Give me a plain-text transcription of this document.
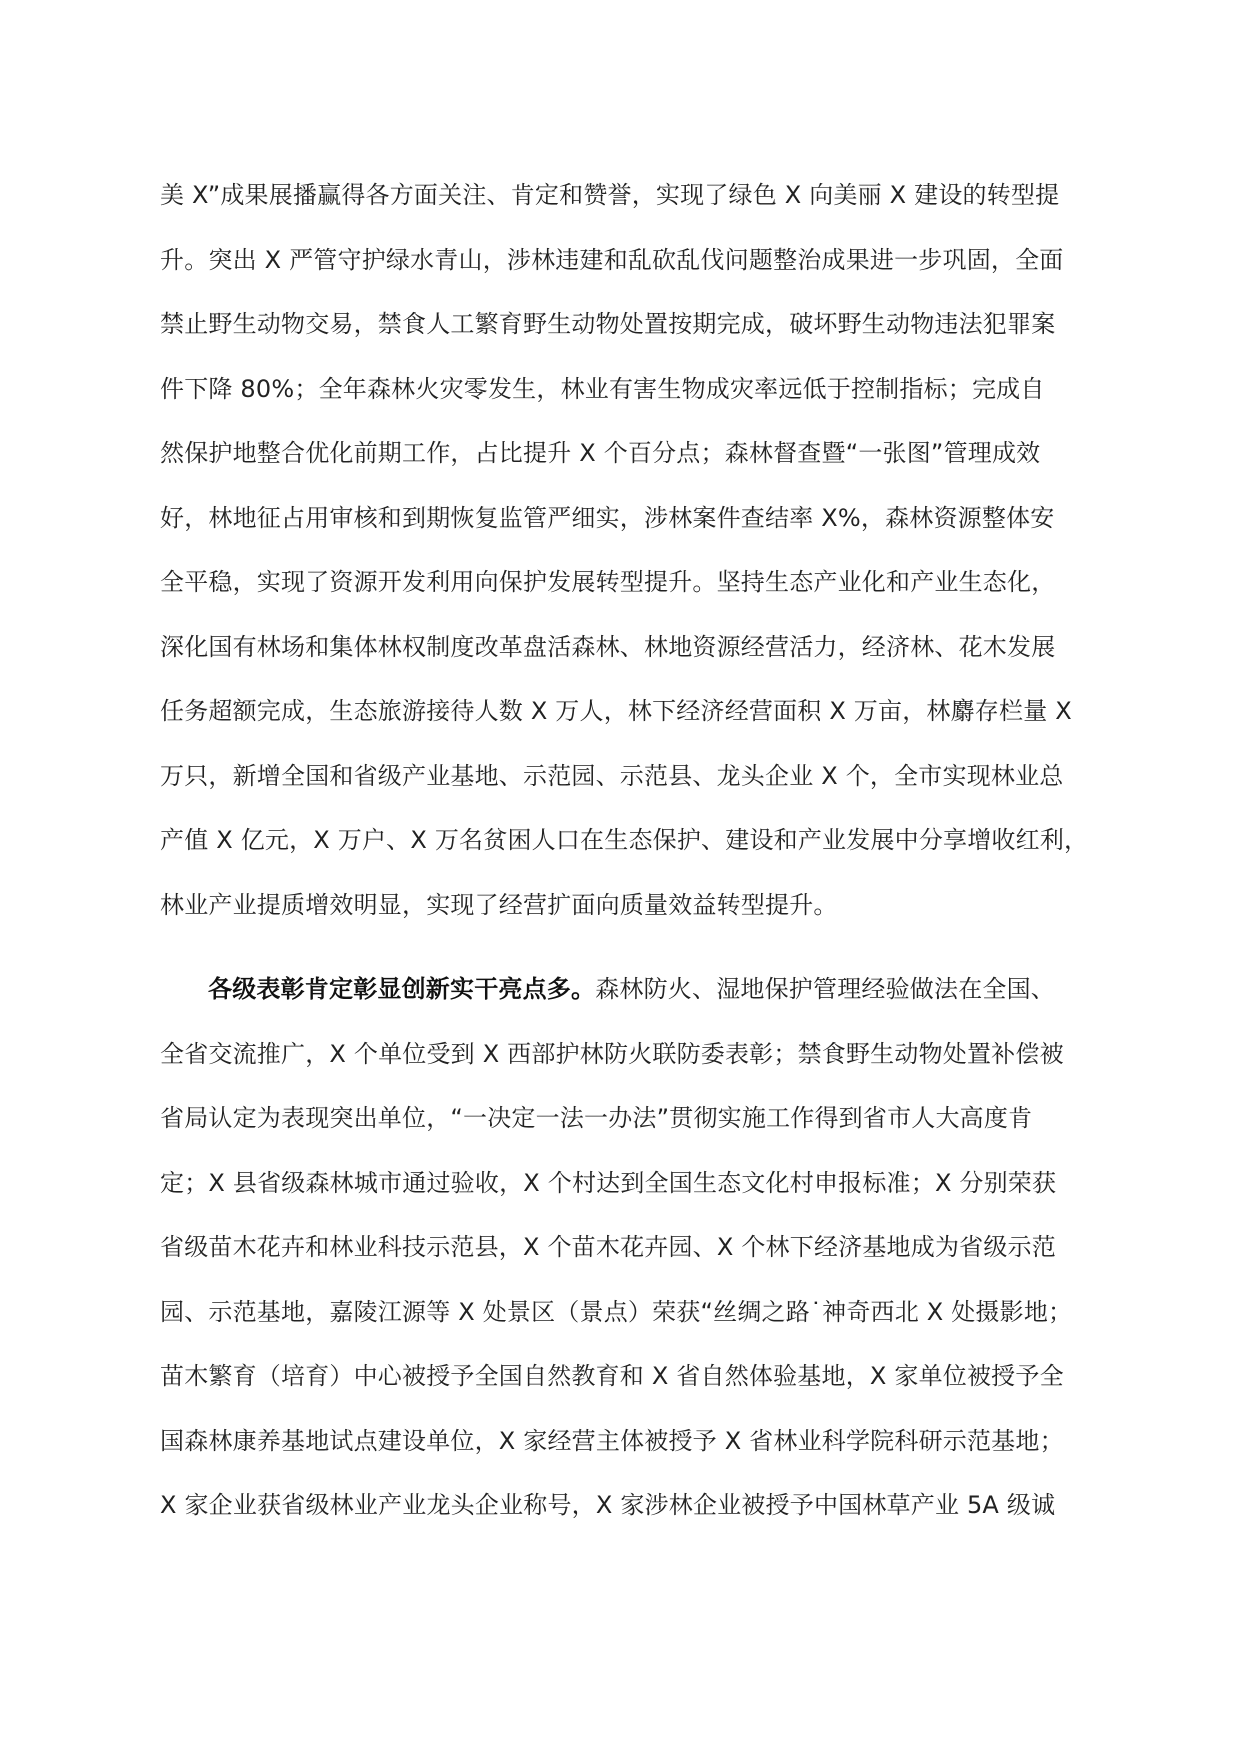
美 X”成果展播赢得各方面关注、肯定和赞誉，实现了绿色 X 向美丽 X 建设的转型提
升。突出 X 严管守护绿水青山，涉林违建和乱砍乱伐问题整治成果进一步巩固，全面
禁止野生动物交易，禁食人工繁育野生动物处置按期完成，破坏野生动物违法犯罪案
件下降 80%；全年森林火灾零发生，林业有害生物成灾率远低于控制指标；完成自
然保护地整合优化前期工作，占比提升 X 个百分点；森林督查暨“一张图”管理成效
好，林地征占用审核和到期恢复监管严细实，涉林案件查结率 X%，森林资源整体安
全平稳，实现了资源开发利用向保护发展转型提升。坚持生态产业化和产业生态化，
深化国有林场和集体林权制度改革盘活森林、林地资源经营活力，经济林、花木发展
任务超额完成，生态旅游接待人数 X 万人，林下经济经营面积 X 万亩，林麝存栏量 X
万只，新增全国和省级产业基地、示范园、示范县、龙头企业 X 个，全市实现林业总
产值 X 亿元，X 万户、X 万名贫困人口在生态保护、建设和产业发展中分享增收红利，
林业产业提质增效明显，实现了经营扩面向质量效益转型提升。
各级表彰肯定彰显创新实干亮点多。森林防火、湿地保护管理经验做法在全国、
全省交流推广，X 个单位受到 X 西部护林防火联防委表彰；禁食野生动物处置补偿被
省局认定为表现突出单位，“一决定一法一办法”贯彻实施工作得到省市人大高度肯
定；X 县省级森林城市通过验收，X 个村达到全国生态文化村申报标准；X 分别荣获
省级苗木花卉和林业科技示范县，X 个苗木花卉园、X 个林下经济基地成为省级示范
园、示范基地，嘉陵江源等 X 处景区（景点）荣获“丝绸之路˙神奇西北 X 处摄影地；
苗木繁育（培育）中心被授予全国自然教育和 X 省自然体验基地，X 家单位被授予全
国森林康养基地试点建设单位，X 家经营主体被授予 X 省林业科学院科研示范基地；
X 家企业获省级林业产业龙头企业称号，X 家涉林企业被授予中国林草产业 5A 级诚
